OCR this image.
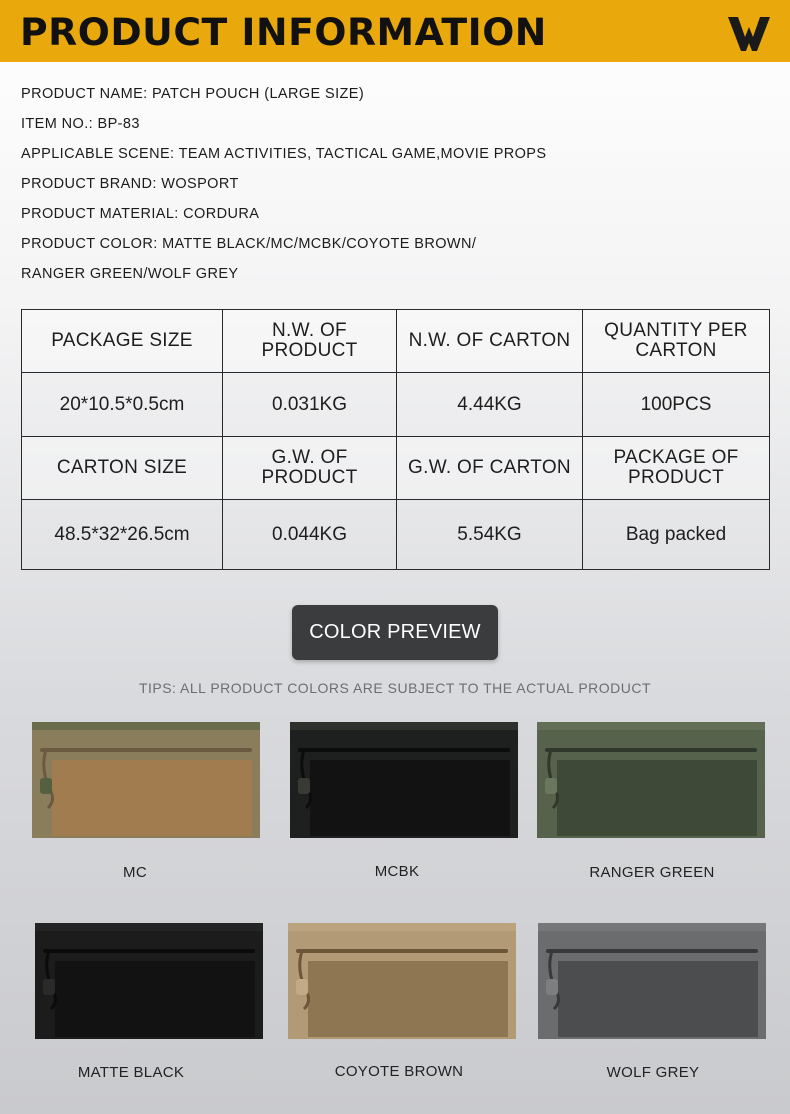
PRODUCT INFORMATION
PRODUCT NAME: PATCH POUCH (LARGE SIZE)
ITEM NO.: BP-83
APPLICABLE SCENE: TEAM ACTIVITIES, TACTICAL GAME,MOVIE PROPS
PRODUCT BRAND: WOSPORT
PRODUCT MATERIAL: CORDURA
PRODUCT COLOR: MATTE BLACK/MC/MCBK/COYOTE BROWN/
RANGER GREEN/WOLF GREY
PACKAGE SIZE	N.W. OF PRODUCT	N.W. OF CARTON	QUANTITY PER CARTON
20*10.5*0.5cm	0.031KG	4.44KG	100PCS
CARTON SIZE	G.W. OF PRODUCT	G.W. OF CARTON	PACKAGE OF PRODUCT
48.5*32*26.5cm	0.044KG	5.54KG	Bag packed
COLOR PREVIEW
TIPS: ALL PRODUCT COLORS ARE SUBJECT TO THE ACTUAL PRODUCT
MC	MCBK	RANGER GREEN
MATTE BLACK	COYOTE BROWN	WOLF GREY
